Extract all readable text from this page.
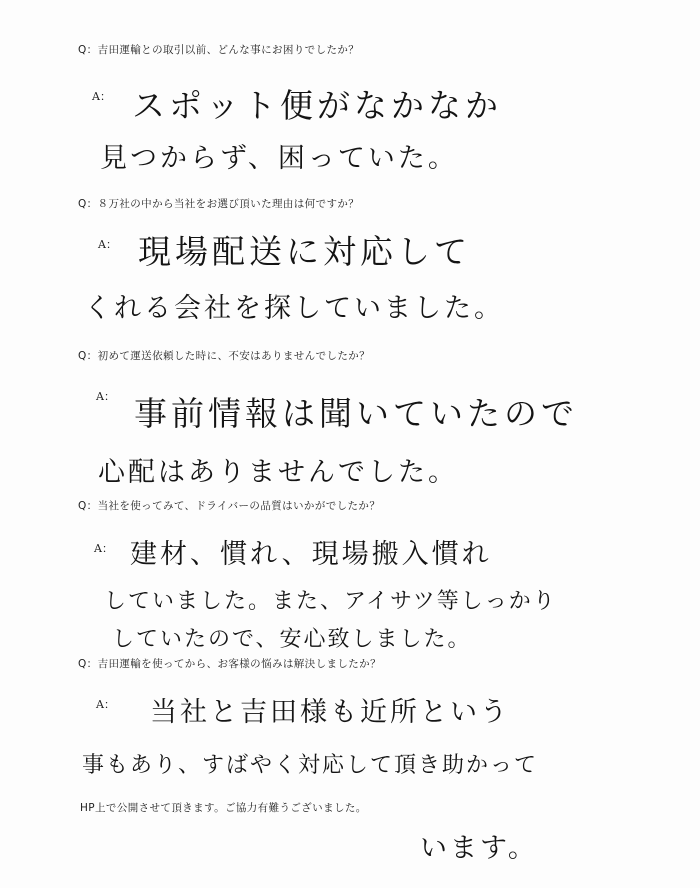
Q：吉田運輸との取引以前、どんな事にお困りでしたか？
A： スポット便がなかなか
見つからず、困っていた。
Q：８万社の中から当社をお選び頂いた理由は何ですか？
A： 現場配送に対応して
くれる会社を探していました。
Q：初めて運送依頼した時に、不安はありませんでしたか？
A： 事前情報は聞いていたので
心配はありませんでした。
Q：当社を使ってみて、ドライバーの品質はいかがでしたか？
A： 建材、慣れ、現場搬入慣れ
していました。また、アイサツ等しっかり
していたので、安心致しました。
Q：吉田運輸を使ってから、お客様の悩みは解決しましたか？
A： 当社と吉田様も近所という
事もあり、すばやく対応して頂き助かって
HP上で公開させて頂きます。ご協力有難うございました。
います。
